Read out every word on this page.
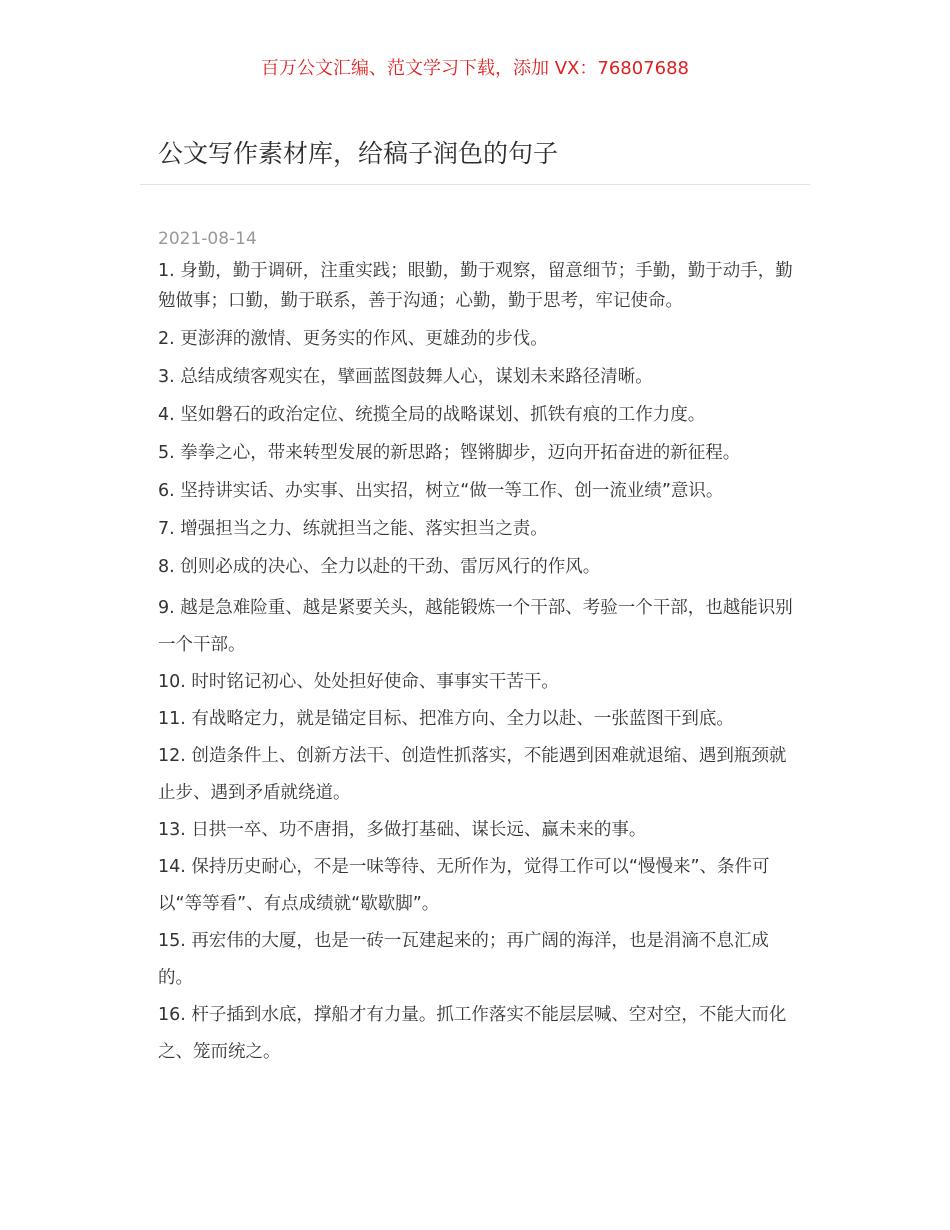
百万公文汇编、范文学习下载，添加 VX：76807688
公文写作素材库，给稿子润色的句子
2021-08-14

1. 身勤，勤于调研，注重实践；眼勤，勤于观察，留意细节；手勤，勤于动手，勤勉做事；口勤，勤于联系，善于沟通；心勤，勤于思考，牢记使命。

2. 更澎湃的激情、更务实的作风、更雄劲的步伐。

3. 总结成绩客观实在，擘画蓝图鼓舞人心，谋划未来路径清晰。

4. 坚如磐石的政治定位、统揽全局的战略谋划、抓铁有痕的工作力度。

5. 拳拳之心，带来转型发展的新思路；铿锵脚步，迈向开拓奋进的新征程。

6. 坚持讲实话、办实事、出实招，树立“做一等工作、创一流业绩”意识。

7. 增强担当之力、练就担当之能、落实担当之责。

8. 创则必成的决心、全力以赴的干劲、雷厉风行的作风。

9. 越是急难险重、越是紧要关头，越能锻炼一个干部、考验一个干部，也越能识别一个干部。

10. 时时铭记初心、处处担好使命、事事实干苦干。

11. 有战略定力，就是锚定目标、把准方向、全力以赴、一张蓝图干到底。

12. 创造条件上、创新方法干、创造性抓落实，不能遇到困难就退缩、遇到瓶颈就止步、遇到矛盾就绕道。

13. 日拱一卒、功不唐捐，多做打基础、谋长远、赢未来的事。

14. 保持历史耐心，不是一味等待、无所作为，觉得工作可以“慢慢来”、条件可以“等等看”、有点成绩就“歇歇脚”。

15. 再宏伟的大厦，也是一砖一瓦建起来的；再广阔的海洋，也是涓滴不息汇成的。

16. 杆子插到水底，撑船才有力量。抓工作落实不能层层喊、空对空，不能大而化之、笼而统之。
